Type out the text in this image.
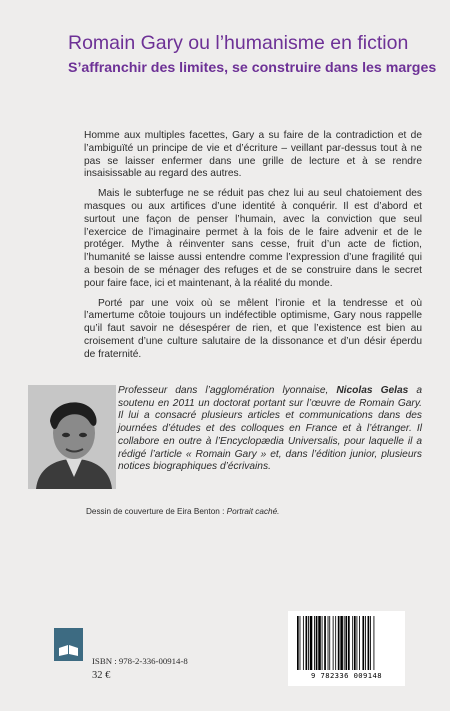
Romain Gary ou l’humanisme en fiction
S’affranchir des limites, se construire dans les marges

Homme aux multiples facettes, Gary a su faire de la contradiction et de l’ambiguïté un principe de vie et d’écriture – veillant par-dessus tout à ne pas se laisser enfermer dans une grille de lecture et à se rendre insaisissable au regard des autres.

Mais le subterfuge ne se réduit pas chez lui au seul chatoiement des masques ou aux artifices d’une identité à conquérir. Il est d’abord et surtout une façon de penser l’humain, avec la conviction que seul l’exercice de l’imaginaire permet à la fois de le faire advenir et de le protéger. Mythe à réinventer sans cesse, fruit d’un acte de fiction, l’humanité se laisse aussi entendre comme l’expression d’une fragilité qui a besoin de se ménager des refuges et de se construire dans le secret pour faire face, ici et maintenant, à la réalité du monde.

Porté par une voix où se mêlent l’ironie et la tendresse et où l’amertume côtoie toujours un indéfectible optimisme, Gary nous rappelle qu’il faut savoir ne désespérer de rien, et que l’existence est bien au croisement d’une culture salutaire de la dissonance et d’un désir éperdu de fraternité.

Professeur dans l’agglomération lyonnaise, Nicolas Gelas a soutenu en 2011 un doctorat portant sur l’œuvre de Romain Gary. Il lui a consacré plusieurs articles et communications dans des journées d’études et des colloques en France et à l’étranger. Il collabore en outre à l’Encyclopædia Universalis, pour laquelle il a rédigé l’article « Romain Gary » et, dans l’édition junior, plusieurs notices biographiques d’écrivains.
Dessin de couverture de Eira Benton : Portrait caché.
ISBN : 978-2-336-00914-8
32 €	9 782336 009148
